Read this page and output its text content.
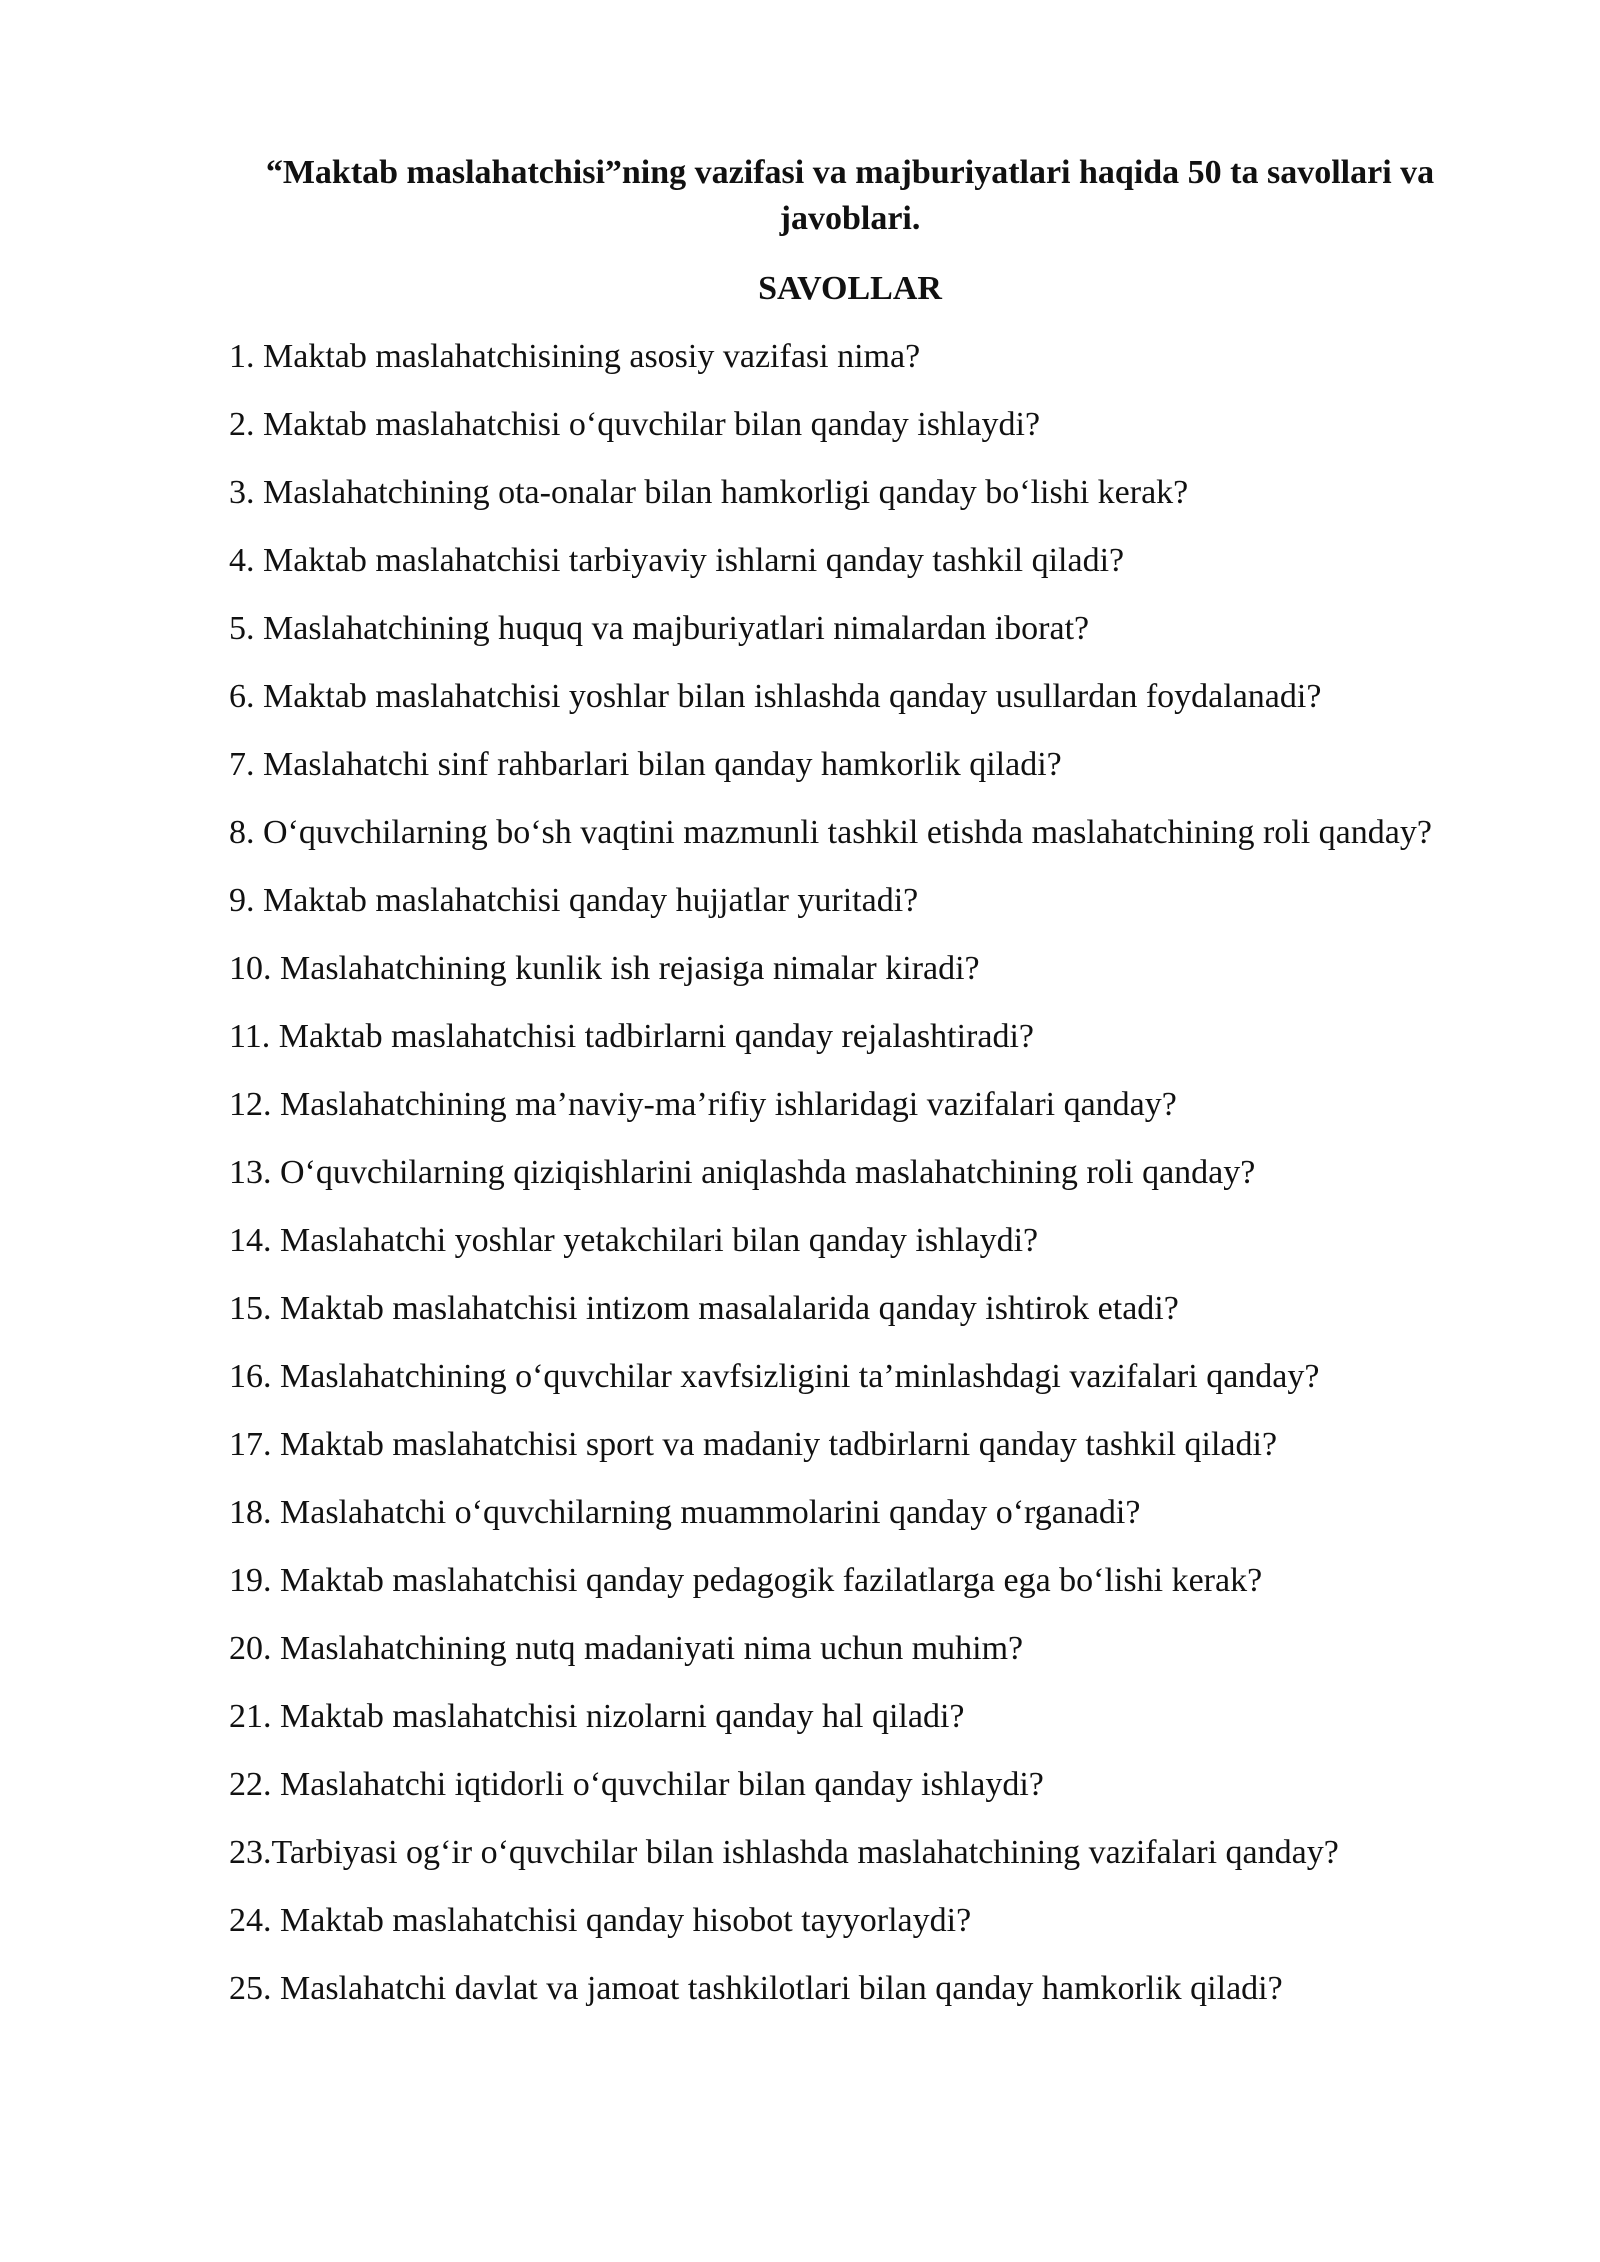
“Maktab maslahatchisi”ning vazifasi va majburiyatlari haqida 50 ta savollari va javoblari.
SAVOLLAR
1. Maktab maslahatchisining asosiy vazifasi nima?
2. Maktab maslahatchisi o‘quvchilar bilan qanday ishlaydi?
3. Maslahatchining ota-onalar bilan hamkorligi qanday bo‘lishi kerak?
4. Maktab maslahatchisi tarbiyaviy ishlarni qanday tashkil qiladi?
5. Maslahatchining huquq va majburiyatlari nimalardan iborat?
6. Maktab maslahatchisi yoshlar bilan ishlashda qanday usullardan foydalanadi?
7. Maslahatchi sinf rahbarlari bilan qanday hamkorlik qiladi?
8. O‘quvchilarning bo‘sh vaqtini mazmunli tashkil etishda maslahatchining roli qanday?
9. Maktab maslahatchisi qanday hujjatlar yuritadi?
10. Maslahatchining kunlik ish rejasiga nimalar kiradi?
11. Maktab maslahatchisi tadbirlarni qanday rejalashtiradi?
12. Maslahatchining ma’naviy-ma’rifiy ishlaridagi vazifalari qanday?
13. O‘quvchilarning qiziqishlarini aniqlashda maslahatchining roli qanday?
14. Maslahatchi yoshlar yetakchilari bilan qanday ishlaydi?
15. Maktab maslahatchisi intizom masalalarida qanday ishtirok etadi?
16. Maslahatchining o‘quvchilar xavfsizligini ta’minlashdagi vazifalari qanday?
17. Maktab maslahatchisi sport va madaniy tadbirlarni qanday tashkil qiladi?
18. Maslahatchi o‘quvchilarning muammolarini qanday o‘rganadi?
19. Maktab maslahatchisi qanday pedagogik fazilatlarga ega bo‘lishi kerak?
20. Maslahatchining nutq madaniyati nima uchun muhim?
21. Maktab maslahatchisi nizolarni qanday hal qiladi?
22. Maslahatchi iqtidorli o‘quvchilar bilan qanday ishlaydi?
23.Tarbiyasi og‘ir o‘quvchilar bilan ishlashda maslahatchining vazifalari qanday?
24. Maktab maslahatchisi qanday hisobot tayyorlaydi?
25. Maslahatchi davlat va jamoat tashkilotlari bilan qanday hamkorlik qiladi?
